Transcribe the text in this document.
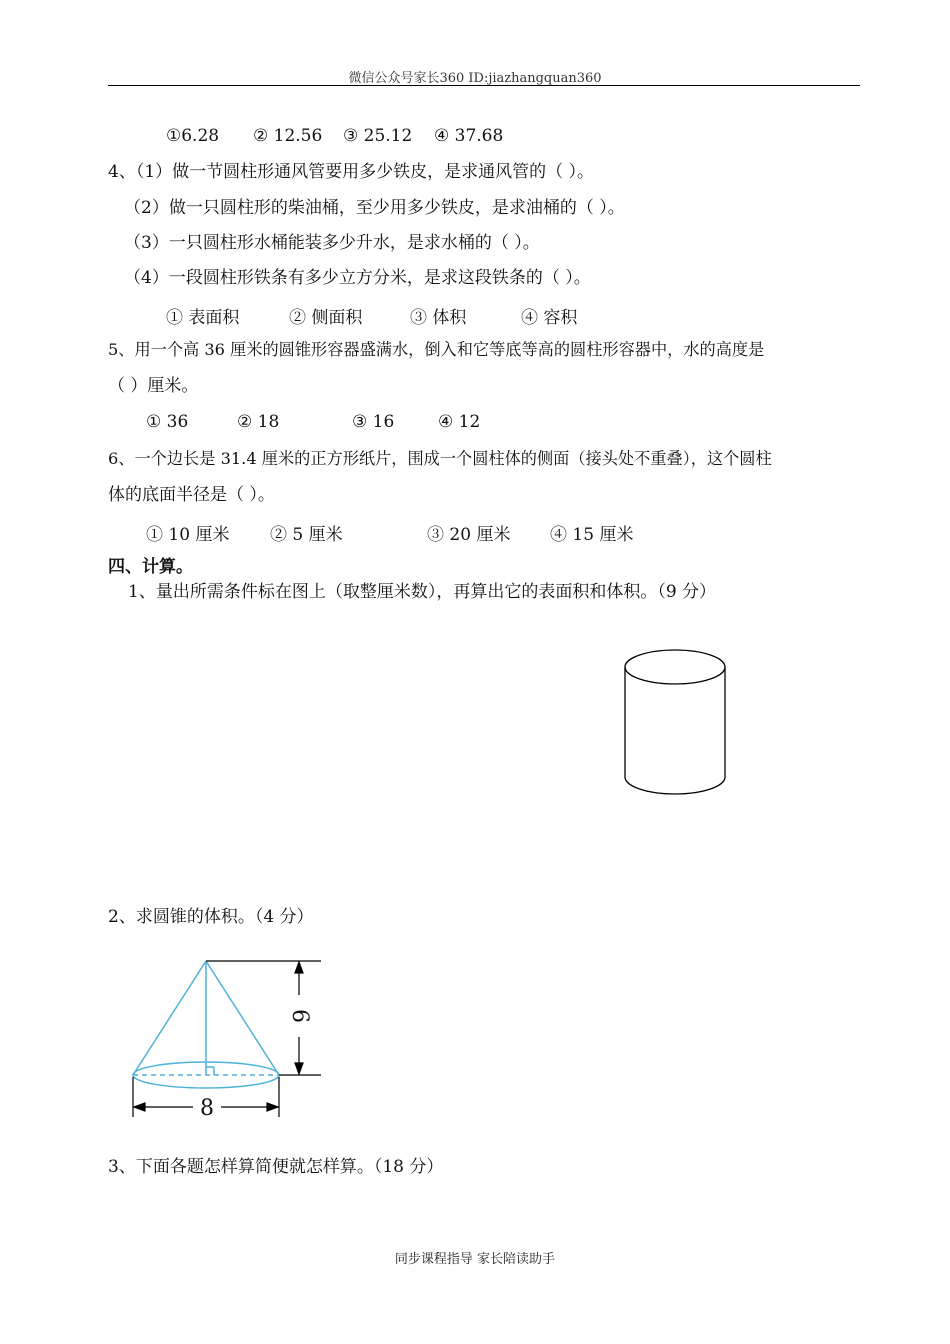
微信公众号家长360 ID:jiazhangquan360
①6.28 ② 12.56 ③ 25.12 ④ 37.68
4、（1）做一节圆柱形通风管要用多少铁皮，是求通风管的（ ）。
（2）做一只圆柱形的柴油桶，至少用多少铁皮，是求油桶的（ ）。
（3）一只圆柱形水桶能装多少升水，是求水桶的（ ）。
（4）一段圆柱形铁条有多少立方分米，是求这段铁条的（ ）。
① 表面积	② 侧面积	③ 体积	④ 容积
5、用一个高 36 厘米的圆锥形容器盛满水，倒入和它等底等高的圆柱形容器中，水的高度是
（ ）厘米。
① 36	② 18	③ 16	④ 12
6、一个边长是 31.4 厘米的正方形纸片，围成一个圆柱体的侧面（接头处不重叠），这个圆柱
体的底面半径是（ ）。
① 10 厘米 ② 5 厘米	③ 20 厘米 ④ 15 厘米
四、计算。
1、量出所需条件标在图上（取整厘米数），再算出它的表面积和体积。（9 分）
2、求圆锥的体积。（4 分）
6
8
3、下面各题怎样算简便就怎样算。（18 分）
同步课程指导 家长陪读助手
